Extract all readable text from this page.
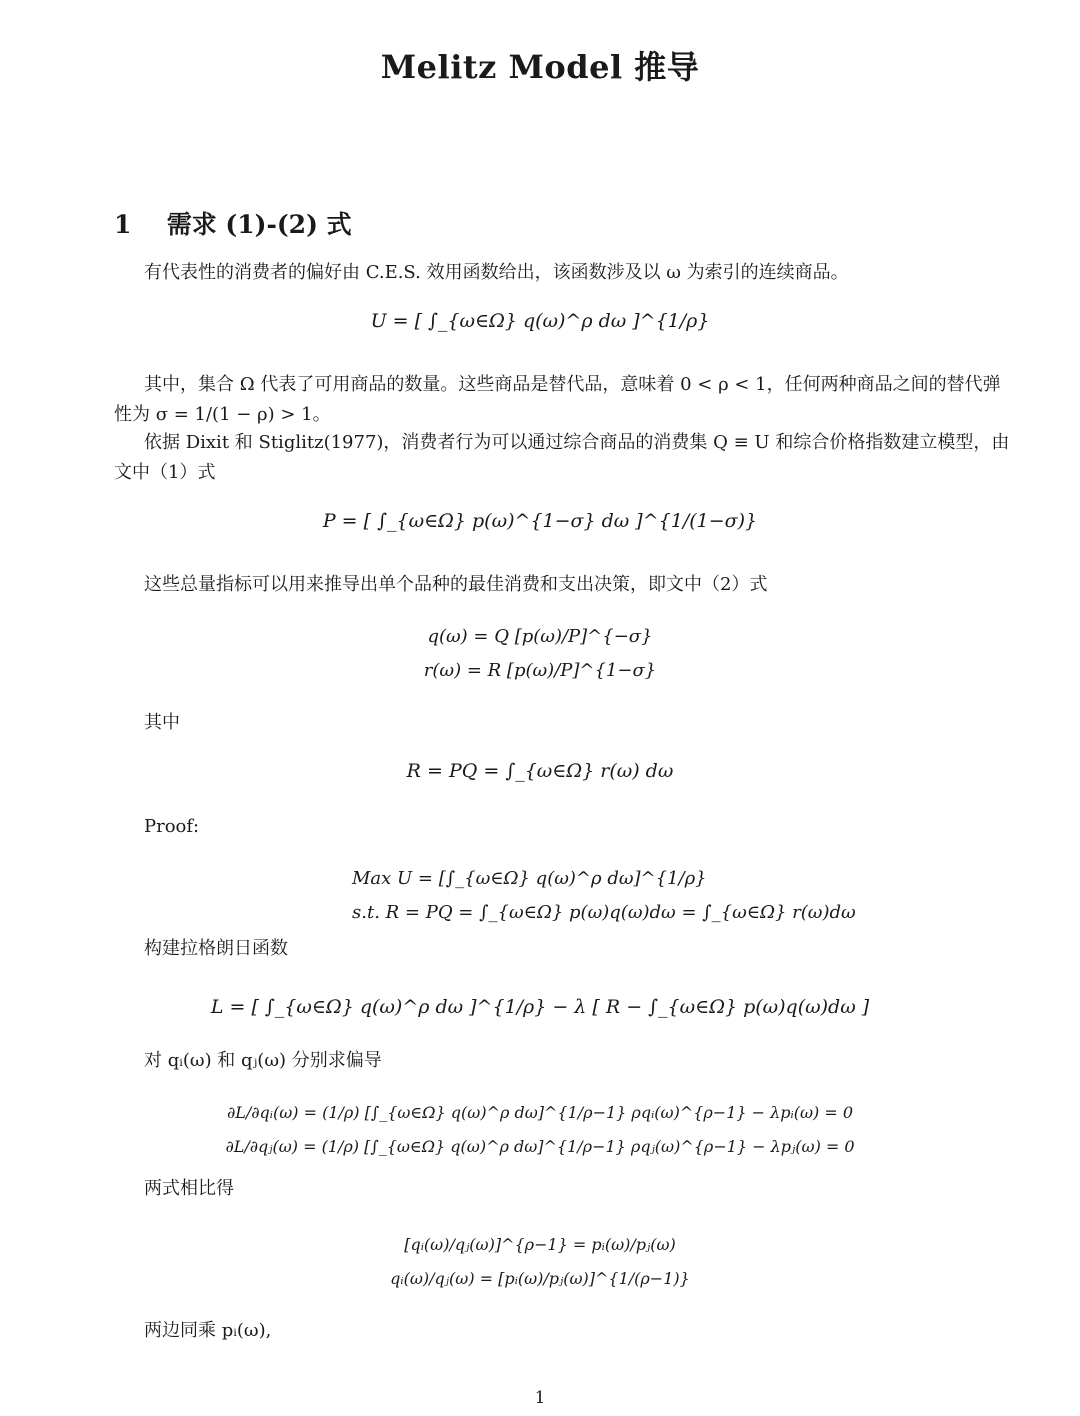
Melitz Model 推导
1 需求 (1)-(2) 式
有代表性的消费者的偏好由 C.E.S. 效用函数给出，该函数涉及以 ω 为索引的连续商品。
U = [ ∫_{ω∈Ω} q(ω)^ρ dω ]^{1/ρ}
其中，集合 Ω 代表了可用商品的数量。这些商品是替代品，意味着 0 < ρ < 1，任何两种商品之间的替代弹性为 σ = 1/(1 − ρ) > 1。
依据 Dixit 和 Stiglitz(1977)，消费者行为可以通过综合商品的消费集 Q ≡ U 和综合价格指数建立模型，由文中（1）式
P = [ ∫_{ω∈Ω} p(ω)^{1−σ} dω ]^{1/(1−σ)}
这些总量指标可以用来推导出单个品种的最佳消费和支出决策，即文中（2）式
q(ω) = Q [p(ω)/P]^{−σ}
r(ω) = R [p(ω)/P]^{1−σ}
其中
R = PQ = ∫_{ω∈Ω} r(ω) dω
Proof:
Max U = [∫_{ω∈Ω} q(ω)^ρ dω]^{1/ρ}
s.t. R = PQ = ∫_{ω∈Ω} p(ω)q(ω)dω = ∫_{ω∈Ω} r(ω)dω
构建拉格朗日函数
L = [ ∫_{ω∈Ω} q(ω)^ρ dω ]^{1/ρ} − λ [ R − ∫_{ω∈Ω} p(ω)q(ω)dω ]
对 qᵢ(ω) 和 qⱼ(ω) 分别求偏导
∂L/∂qᵢ(ω) = (1/ρ) [∫_{ω∈Ω} q(ω)^ρ dω]^{1/ρ−1} ρqᵢ(ω)^{ρ−1} − λpᵢ(ω) = 0
∂L/∂qⱼ(ω) = (1/ρ) [∫_{ω∈Ω} q(ω)^ρ dω]^{1/ρ−1} ρqⱼ(ω)^{ρ−1} − λpⱼ(ω) = 0
两式相比得
[qᵢ(ω)/qⱼ(ω)]^{ρ−1} = pᵢ(ω)/pⱼ(ω)
qᵢ(ω)/qⱼ(ω) = [pᵢ(ω)/pⱼ(ω)]^{1/(ρ−1)}
两边同乘 pᵢ(ω),
1
